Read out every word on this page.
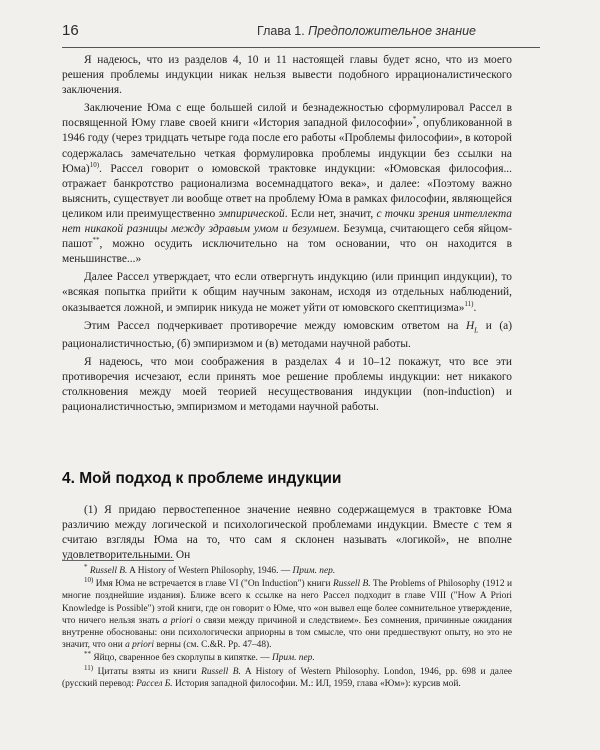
16	Глава 1. Предположительное знание

Я надеюсь, что из разделов 4, 10 и 11 настоящей главы будет ясно, что из моего решения проблемы индукции никак нельзя вывести подобного иррационалистического заключения.

Заключение Юма с еще большей силой и безнадежностью сформулировал Рассел в посвященной Юму главе своей книги «История западной философии»*, опубликованной в 1946 году (через тридцать четыре года после его работы «Проблемы философии», в которой содержалась замечательно четкая формулировка проблемы индукции без ссылки на Юма)$^{10)}$. Рассел говорит о юмовской трактовке индукции: «Юмовская философия... отражает банкротство рационализма восемнадцатого века», и далее: «Поэтому важно выяснить, существует ли вообще ответ на проблему Юма в рамках философии, являющейся целиком или преимущественно эмпирической. Если нет, значит, с точки зрения интеллекта нет никакой разницы между здравым умом и безумием. Безумца, считающего себя яйцом-пашот**, можно осудить исключительно на том основании, что он находится в меньшинстве...»

Далее Рассел утверждает, что если отвергнуть индукцию (или принцип индукции), то «всякая попытка прийти к общим научным законам, исходя из отдельных наблюдений, оказывается ложной, и эмпирик никуда не может уйти от юмовского скептицизма»$^{11)}$.

Этим Рассел подчеркивает противоречие между юмовским ответом на $H_L$ и (а) рационалистичностью, (б) эмпиризмом и (в) методами научной работы.

Я надеюсь, что мои соображения в разделах 4 и 10–12 покажут, что все эти противоречия исчезают, если принять мое решение проблемы индукции: нет никакого столкновения между моей теорией несуществования индукции (non-induction) и рационалистичностью, эмпиризмом и методами научной работы.

4. Мой подход к проблеме индукции

(1) Я придаю первостепенное значение неявно содержащемуся в трактовке Юма различию между логической и психологической проблемами индукции. Вместе с тем я считаю взгляды Юма на то, что сам я склонен называть «логикой», не вполне удовлетворительными. Он

* Russell B. A History of Western Philosophy, 1946. — Прим. пер.

$^{10)}$ Имя Юма не встречается в главе VI ("On Induction") книги Russell B. The Problems of Philosophy (1912 и многие позднейшие издания). Ближе всего к ссылке на него Рассел подходит в главе VIII ("How A Priori Knowledge is Possible") этой книги, где он говорит о Юме, что «он вывел еще более сомнительное утверждение, что ничего нельзя знать a priori о связи между причиной и следствием». Без сомнения, причинные ожидания внутренне обоснованы: они психологически априорны в том смысле, что они предшествуют опыту, но это не значит, что они a priori верны (см. C.&R. Pp. 47–48).

** Яйцо, сваренное без скорлупы в кипятке. — Прим. пер.

$^{11)}$ Цитаты взяты из книги Russell B. A History of Western Philosophy. London, 1946, pp. 698 и далее (русский перевод: Рассел Б. История западной философии. М.: ИЛ, 1959, глава «Юм»): курсив мой.
